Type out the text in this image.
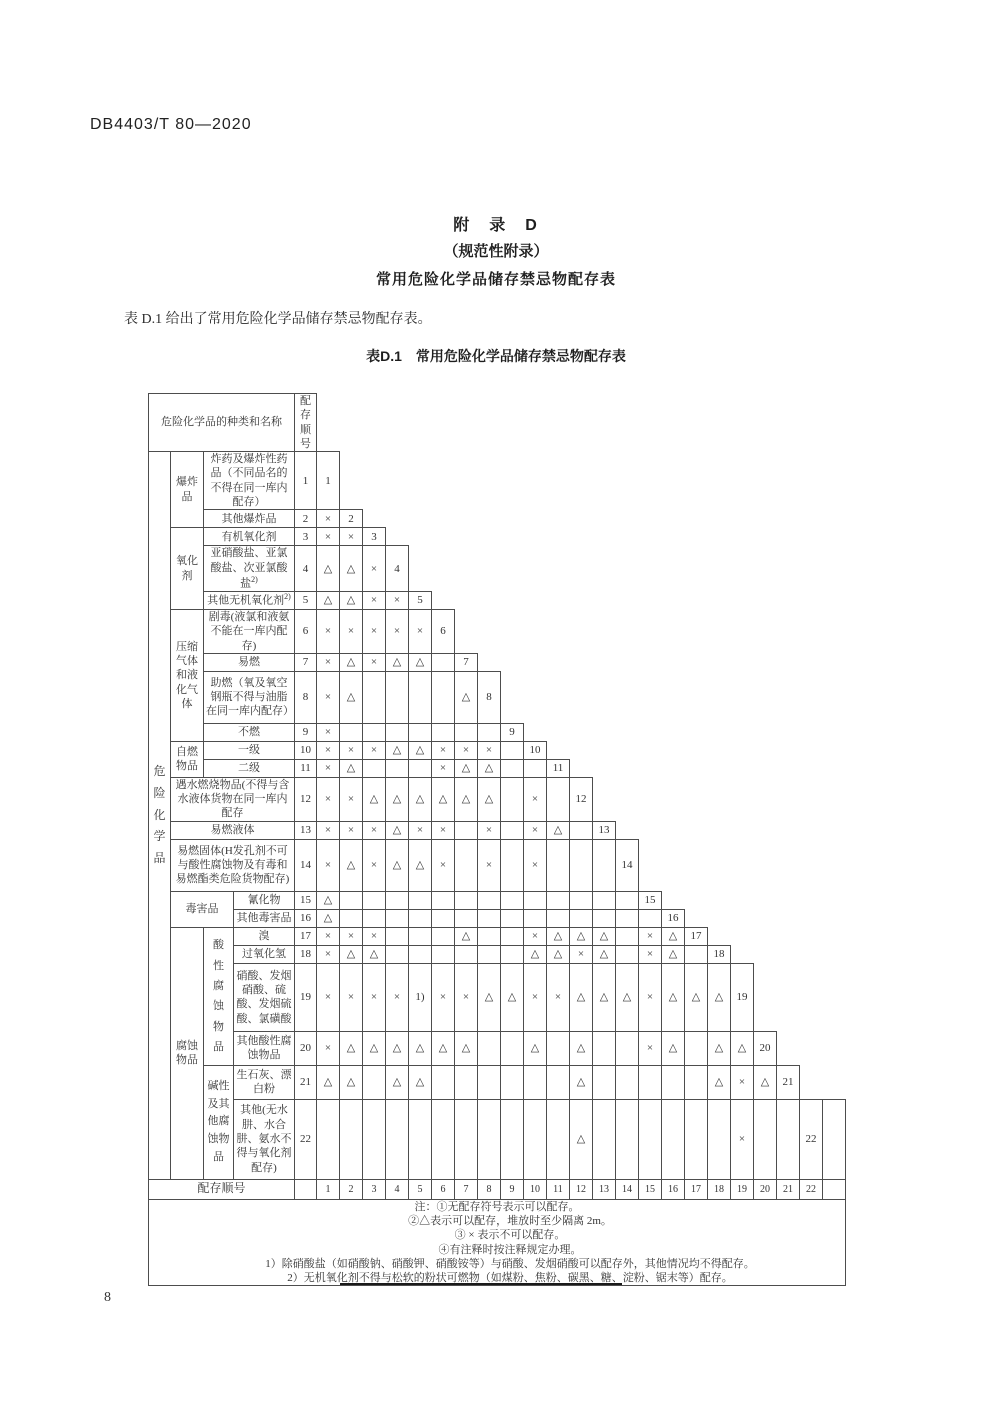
DB4403/T 80—2020
附　录　D
（规范性附录）
常用危险化学品储存禁忌物配存表
表 D.1 给出了常用危险化学品储存禁忌物配存表。
表D.1　常用危险化学品储存禁忌物配存表
危险化学品的种类和名称				配存顺号																							
危险化学品	爆炸品	炸药及爆炸性药品（不同品名的不得在同一库内配存）		1	1																						
		其他爆炸品		2	×	2																					
	氧化剂	有机氧化剂		3	×	×	3																				
		亚硝酸盐、亚氯酸盐、次亚氯酸盐$^{2)}$		4	△	△	×	4																			
		其他无机氧化剂$^{2)}$		5	△	△	×	×	5																		
	压缩气体和液化气体	剧毒(液氯和液氨不能在一库内配存)		6	×	×	×	×	×	6																	
		易燃		7	×	△	×	△	△		7																
		助燃（氧及氧空钢瓶不得与油脂在同一库内配存）		8	×	△					△	8															
		不燃		9	×								9														
	自燃物品	一级		10	×	×	×	△	△	×	×	×		10													
		二级		11	×	△				×	△	△			11												
	遇水燃烧物品(不得与含水液体货物在同一库内配存			12	×	×	△	△	△	△	△	△		×		12											
	易燃液体			13	×	×	×	△	×	×		×		×	△		13										
	易燃固体(H发孔剂不可与酸性腐蚀物及有毒和易燃酯类危险货物配存)			14	×	△	×	△	△	×		×		×				14									
	毒害品		氰化物	15	△														15								
			其他毒害品	16	△															16							
	腐蚀物品	酸性腐蚀物品	溴	17	×	×	×				△			×	△	△	△		×	△	17						
			过氧化氢	18	×	△	△							△	△	×	△		×	△		18					
			硝酸、发烟硝酸、硫酸、发烟硫酸、氯磺酸	19	×	×	×	×	1)	×	×	△	△	×	×	△	△	△	×	△	△	△	19				
			其他酸性腐蚀物品	20	×	△	△	△	△	△	△			△		△			×	△		△	△	20			
		碱性及其他腐蚀物品	生石灰、漂白粉	21	△	△		△	△							△						△	×	△	21		
			其他(无水肼、水合肼、氨水不得与氧化剂配存)	22												△							×			22	
配存顺号					1	2	3	4	5	6	7	8	9	10	11	12	13	14	15	16	17	18	19	20	21	22	

注：①无配存符号表示可以配存。
②△表示可以配存，堆放时至少隔离 2m。
③ × 表示不可以配存。
④有注释时按注释规定办理。
1）除硝酸盐（如硝酸钠、硝酸钾、硝酸铵等）与硝酸、发烟硝酸可以配存外，其他情况均不得配存。
2）无机氧化剂不得与松软的粉状可燃物（如煤粉、焦粉、碳黑、糖、淀粉、锯末等）配存。
8
